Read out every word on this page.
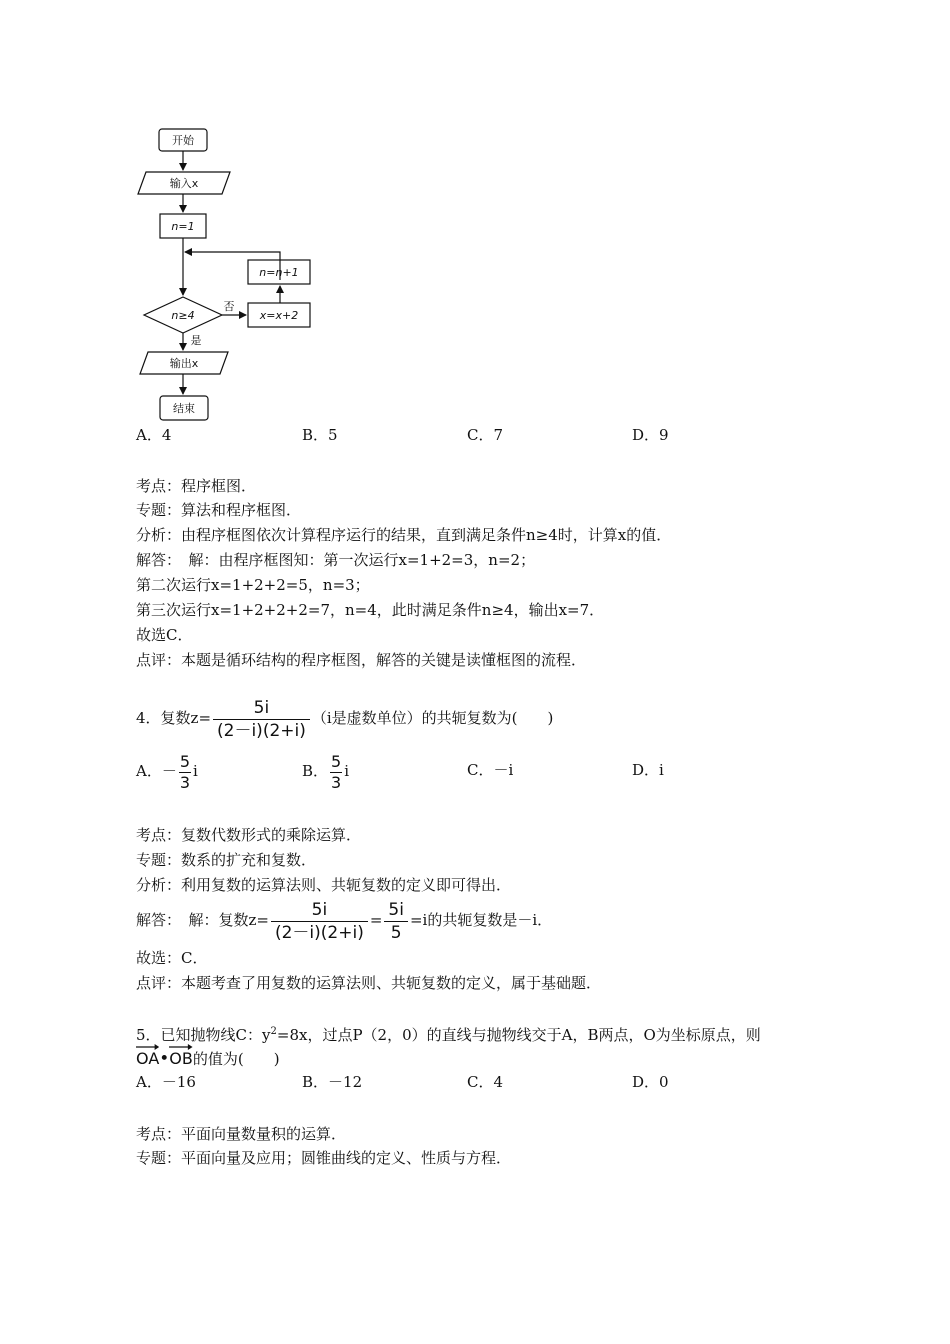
开始
输入x
n=1
n≥4
否
是
x=x+2
n=n+1
输出x
结束
A．4	B．5	C．7	D．9
考点：程序框图．
专题：算法和程序框图．
分析：由程序框图依次计算程序运行的结果，直到满足条件n≥4时，计算x的值．
解答：　解：由程序框图知：第一次运行x=1+2=3，n=2；
第二次运行x=1+2+2=5，n=3；
第三次运行x=1+2+2+2=7，n=4，此时满足条件n≥4，输出x=7．
故选C．
点评：本题是循环结构的程序框图，解答的关键是读懂框图的流程．
4．复数$z= \frac{5i}{(2-i)(2+i)} (i$是虚数单位）的共轭复数为(　　)
A．－ $\frac{5}{3}$ i	B． $\frac{5}{3}$ i	C．－i	D．i
考点：复数代数形式的乘除运算．
专题：数系的扩充和复数．
分析：利用复数的运算法则、共轭复数的定义即可得出．
解答：　解：复数$z= \frac{5i}{(2-i)(2+i)} = \frac{5i}{5} =i$的共轭复数是－i．
故选：C．
点评：本题考查了用复数的运算法则、共轭复数的定义，属于基础题．
5．已知抛物线C：$y^2=8x$，过点P（2，0）的直线与抛物线交于A，B两点，O为坐标原点，则
OA•
OB的值为(　　)
A．－16	B．－12	C．4	D．0
考点：平面向量数量积的运算．
专题：平面向量及应用；圆锥曲线的定义、性质与方程．
